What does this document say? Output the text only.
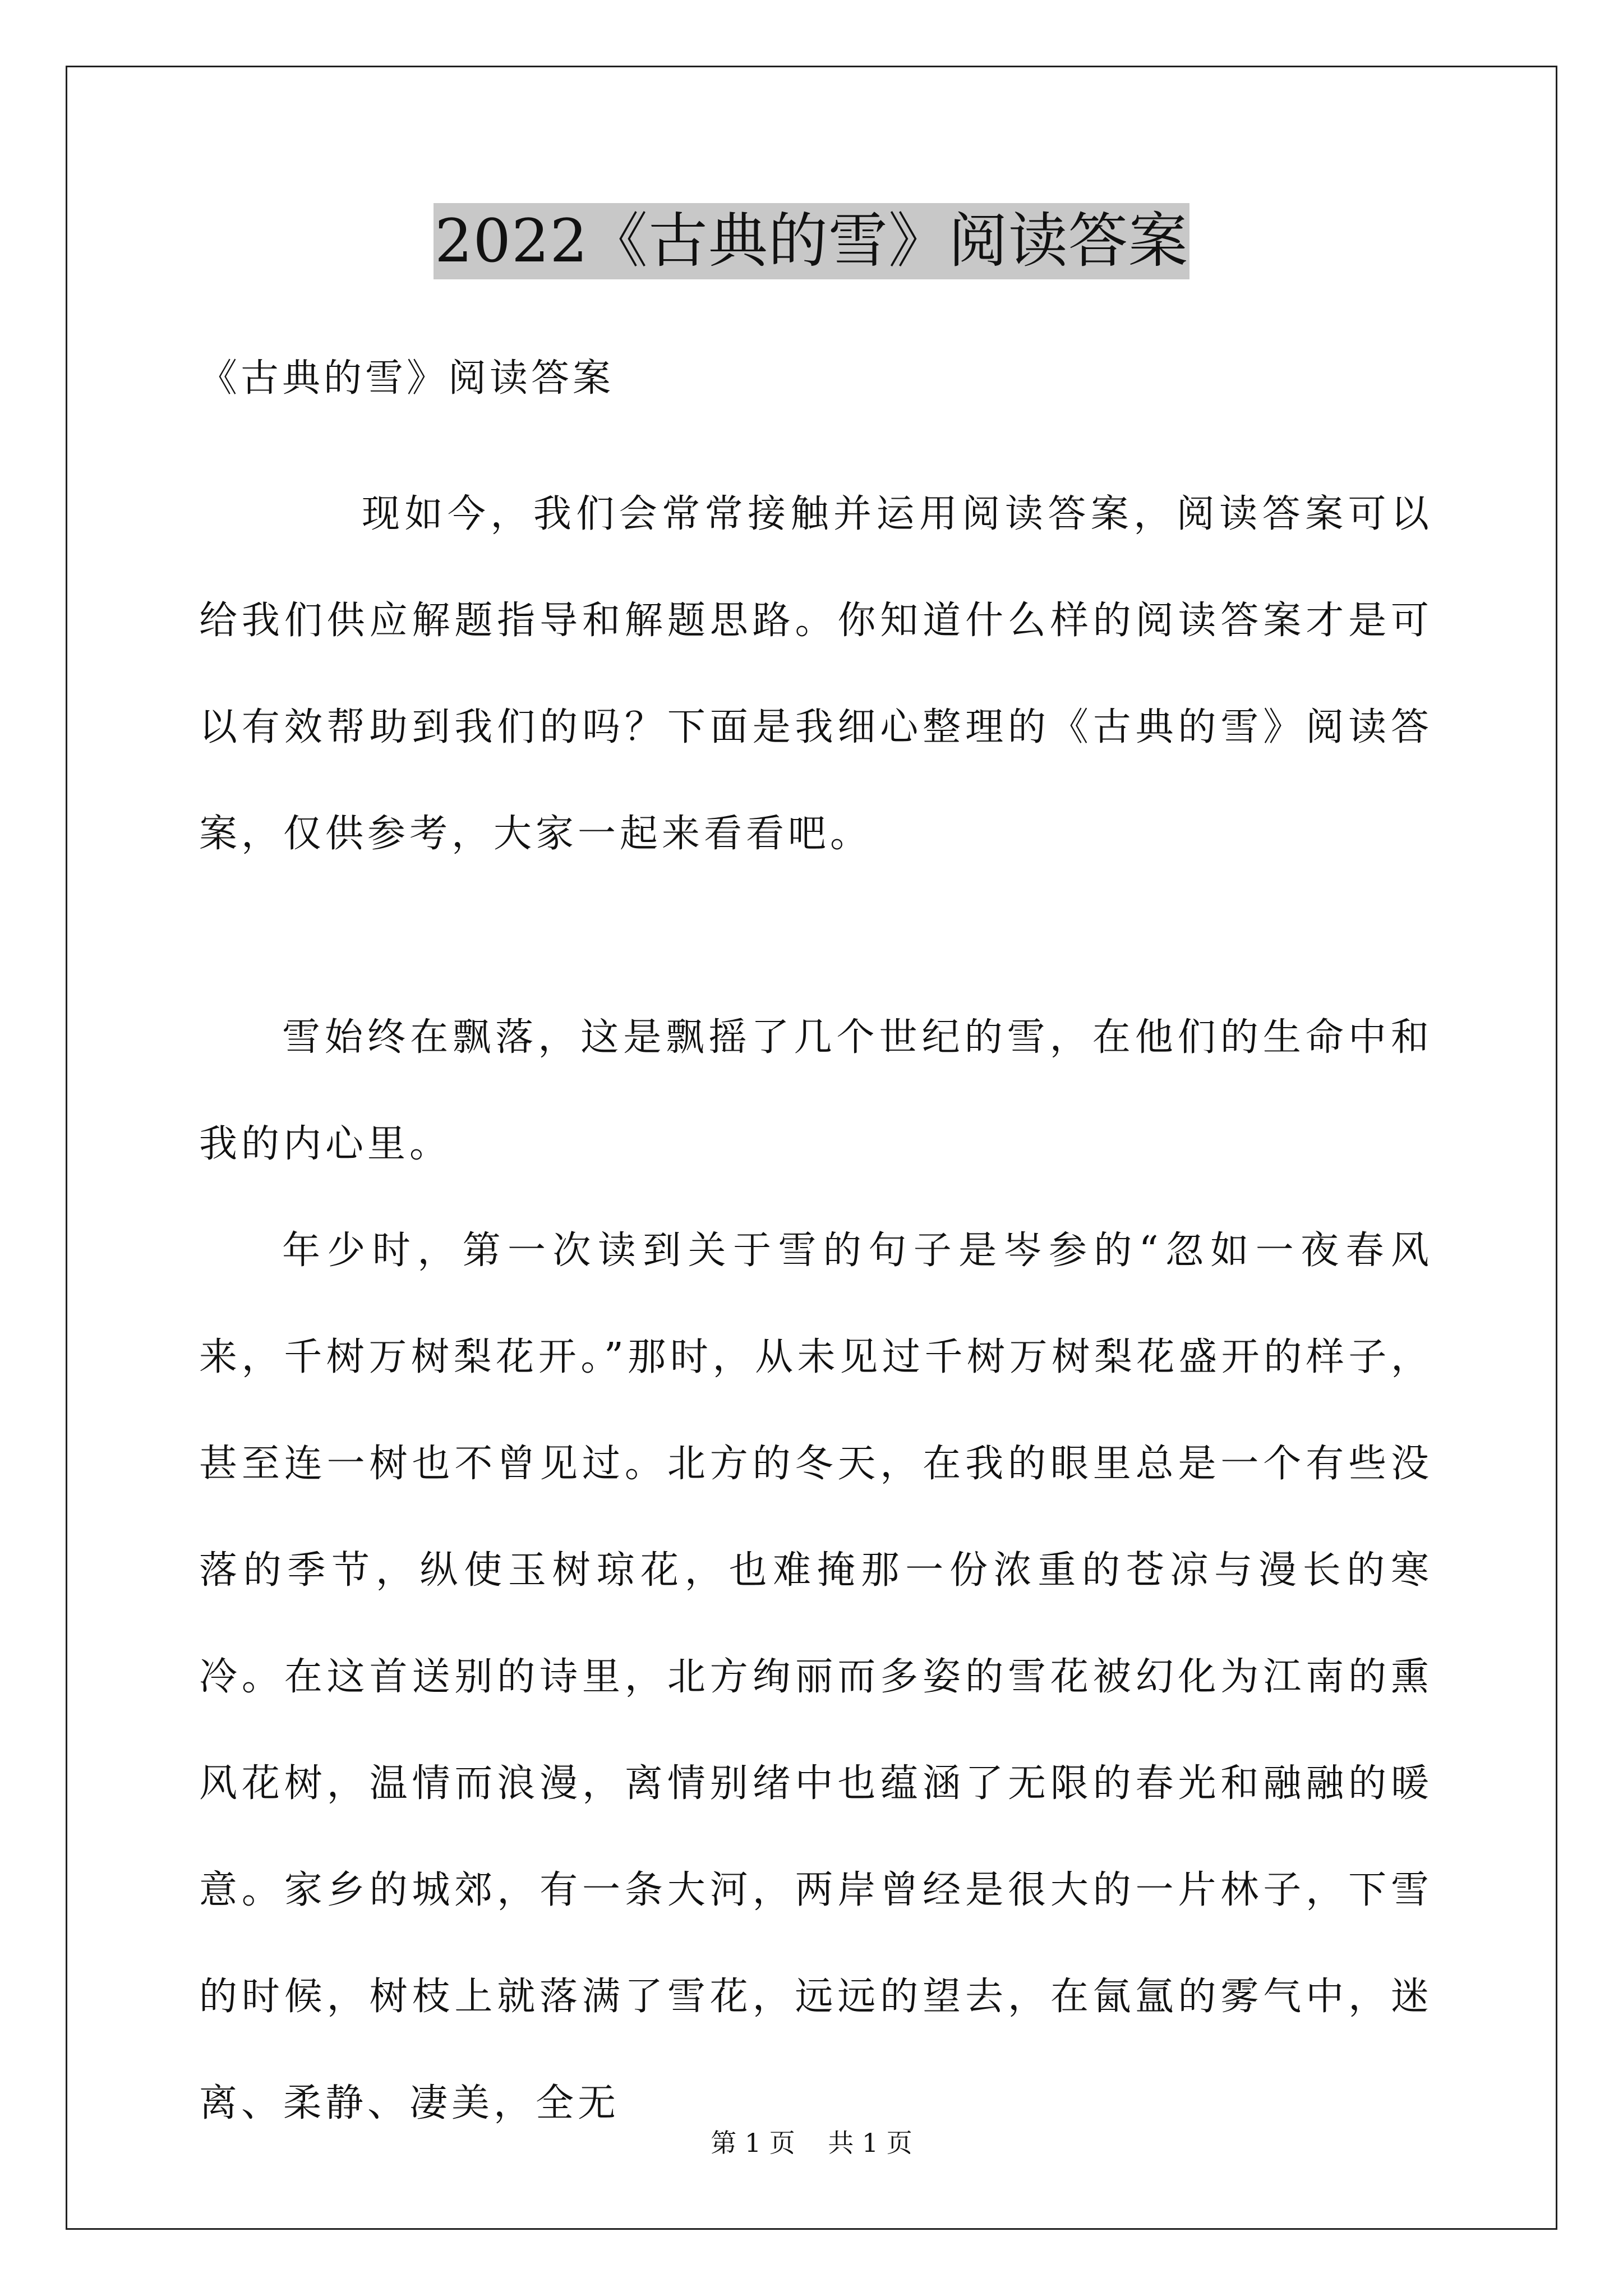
2022《古典的雪》阅读答案
《古典的雪》阅读答案

现如今，我们会常常接触并运用阅读答案，阅读答案可以给我们供应解题指导和解题思路。你知道什么样的阅读答案才是可以有效帮助到我们的吗？下面是我细心整理的《古典的雪》阅读答案，仅供参考，大家一起来看看吧。

雪始终在飘落，这是飘摇了几个世纪的雪，在他们的生命中和我的内心里。

年少时，第一次读到关于雪的句子是岑参的“忽如一夜春风来，千树万树梨花开。”那时，从未见过千树万树梨花盛开的样子，甚至连一树也不曾见过。北方的冬天，在我的眼里总是一个有些没落的季节，纵使玉树琼花，也难掩那一份浓重的苍凉与漫长的寒冷。在这首送别的诗里，北方绚丽而多姿的雪花被幻化为江南的熏风花树，温情而浪漫，离情别绪中也蕴涵了无限的春光和融融的暖意。家乡的城郊，有一条大河，两岸曾经是很大的一片林子，下雪的时候，树枝上就落满了雪花，远远的望去，在氤氲的雾气中，迷离、柔静、凄美，全无

第 1 页    共 1 页
